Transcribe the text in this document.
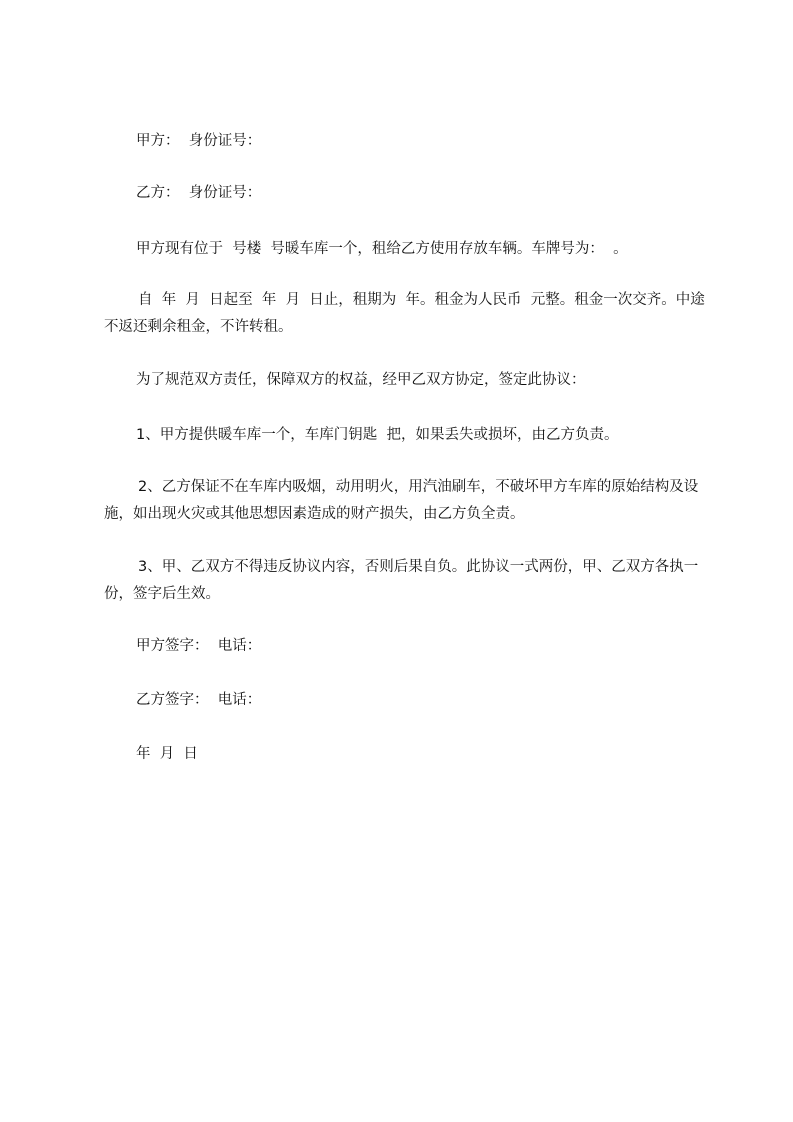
甲方：  身份证号：

乙方：  身份证号：

甲方现有位于  号楼  号暖车库一个，租给乙方使用存放车辆。车牌号为：  。

自  年  月  日起至  年  月  日止，租期为  年。租金为人民币  元整。租金一次交齐。中途不返还剩余租金，不许转租。

为了规范双方责任，保障双方的权益，经甲乙双方协定，签定此协议：

1、甲方提供暖车库一个，车库门钥匙  把，如果丢失或损坏，由乙方负责。

2、乙方保证不在车库内吸烟，动用明火，用汽油刷车，不破坏甲方车库的原始结构及设施，如出现火灾或其他思想因素造成的财产损失，由乙方负全责。

3、甲、乙双方不得违反协议内容，否则后果自负。此协议一式两份，甲、乙双方各执一份，签字后生效。

甲方签字：  电话：

乙方签字：  电话：

年  月  日
